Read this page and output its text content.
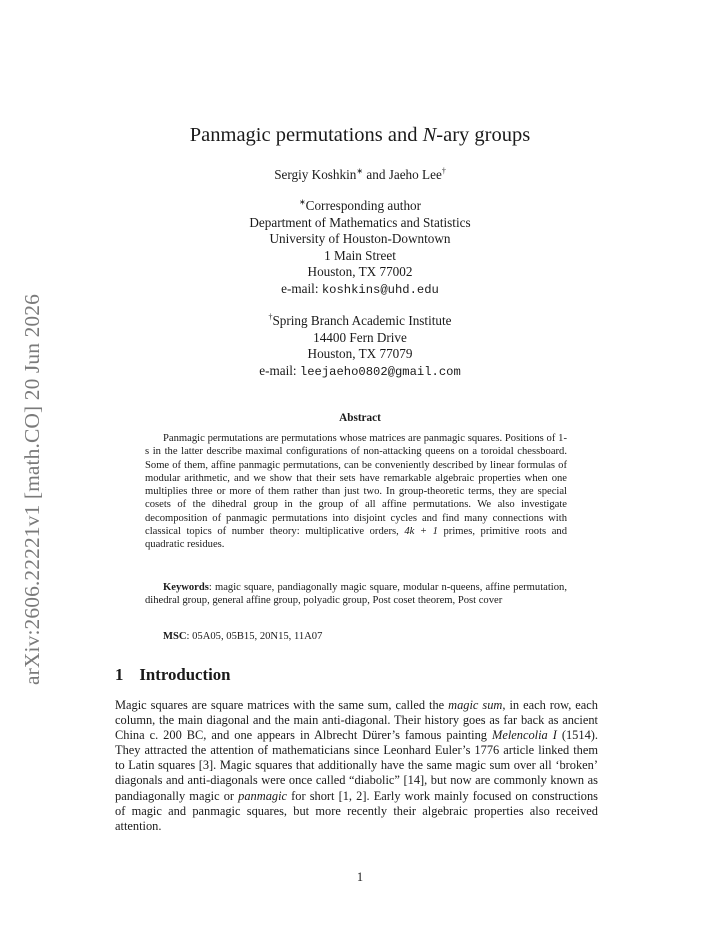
arXiv:2606.22221v1 [math.CO] 20 Jun 2026
Panmagic permutations and N-ary groups
Sergiy Koshkin∗ and Jaeho Lee†
∗Corresponding author
Department of Mathematics and Statistics
University of Houston-Downtown
1 Main Street
Houston, TX 77002
e-mail: koshkins@uhd.edu
†Spring Branch Academic Institute
14400 Fern Drive
Houston, TX 77079
e-mail: leejaeho0802@gmail.com
Abstract

Panmagic permutations are permutations whose matrices are panmagic squares. Positions of 1-s in the latter describe maximal configurations of non-attacking queens on a toroidal chessboard. Some of them, affine panmagic permutations, can be conveniently described by linear formulas of modular arithmetic, and we show that their sets have remarkable algebraic properties when one multiplies three or more of them rather than just two. In group-theoretic terms, they are special cosets of the dihedral group in the group of all affine permutations. We also investigate decomposition of panmagic permutations into disjoint cycles and find many connections with classical topics of number theory: multiplicative orders, 4k + 1 primes, primitive roots and quadratic residues.

Keywords: magic square, pandiagonally magic square, modular n-queens, affine permutation, dihedral group, general affine group, polyadic group, Post coset theorem, Post cover

MSC: 05A05, 05B15, 20N15, 11A07

1 Introduction

Magic squares are square matrices with the same sum, called the magic sum, in each row, each column, the main diagonal and the main anti-diagonal. Their history goes as far back as ancient China c. 200 BC, and one appears in Albrecht Dürer’s famous painting Melencolia I (1514). They attracted the attention of mathematicians since Leonhard Euler’s 1776 article linked them to Latin squares [3]. Magic squares that additionally have the same magic sum over all ‘broken’ diagonals and anti-diagonals were once called “diabolic” [14], but now are commonly known as pandiagonally magic or panmagic for short [1, 2]. Early work mainly focused on constructions of magic and panmagic squares, but more recently their algebraic properties also received attention.

1
